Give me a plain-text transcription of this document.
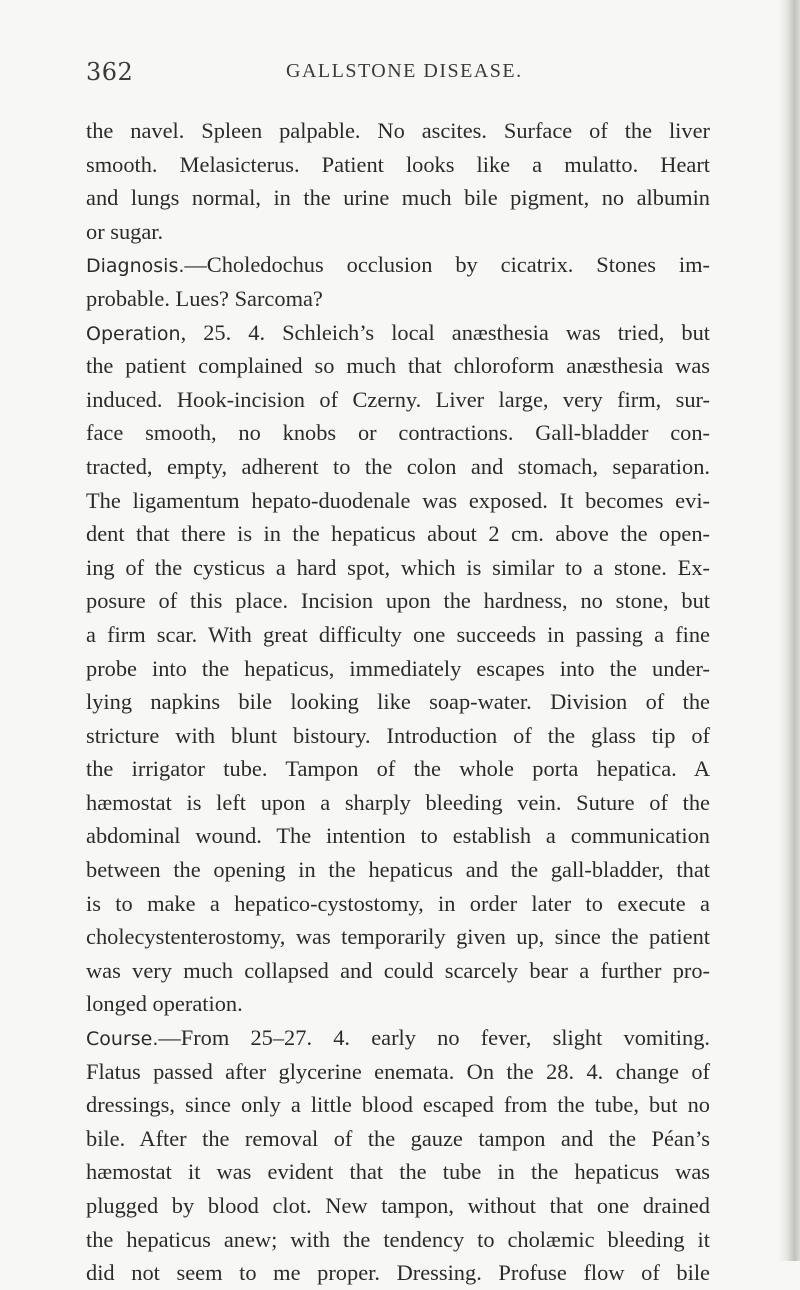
362	GALLSTONE DISEASE.
the navel. Spleen palpable. No ascites. Surface of the liver
smooth. Melasicterus. Patient looks like a mulatto. Heart
and lungs normal, in the urine much bile pigment, no albumin
or sugar.
Diagnosis.—Choledochus occlusion by cicatrix. Stones im-
probable. Lues? Sarcoma?
Operation, 25. 4. Schleich’s local anæsthesia was tried, but
the patient complained so much that chloroform anæsthesia was
induced. Hook-incision of Czerny. Liver large, very firm, sur-
face smooth, no knobs or contractions. Gall-bladder con-
tracted, empty, adherent to the colon and stomach, separation.
The ligamentum hepato-duodenale was exposed. It becomes evi-
dent that there is in the hepaticus about 2 cm. above the open-
ing of the cysticus a hard spot, which is similar to a stone. Ex-
posure of this place. Incision upon the hardness, no stone, but
a firm scar. With great difficulty one succeeds in passing a fine
probe into the hepaticus, immediately escapes into the under-
lying napkins bile looking like soap-water. Division of the
stricture with blunt bistoury. Introduction of the glass tip of
the irrigator tube. Tampon of the whole porta hepatica. A
hæmostat is left upon a sharply bleeding vein. Suture of the
abdominal wound. The intention to establish a communication
between the opening in the hepaticus and the gall-bladder, that
is to make a hepatico-cystostomy, in order later to execute a
cholecystenterostomy, was temporarily given up, since the patient
was very much collapsed and could scarcely bear a further pro-
longed operation.
Course.—From 25–27. 4. early no fever, slight vomiting.
Flatus passed after glycerine enemata. On the 28. 4. change of
dressings, since only a little blood escaped from the tube, but no
bile. After the removal of the gauze tampon and the Péan’s
hæmostat it was evident that the tube in the hepaticus was
plugged by blood clot. New tampon, without that one drained
the hepaticus anew; with the tendency to cholæmic bleeding it
did not seem to me proper. Dressing. Profuse flow of bile
